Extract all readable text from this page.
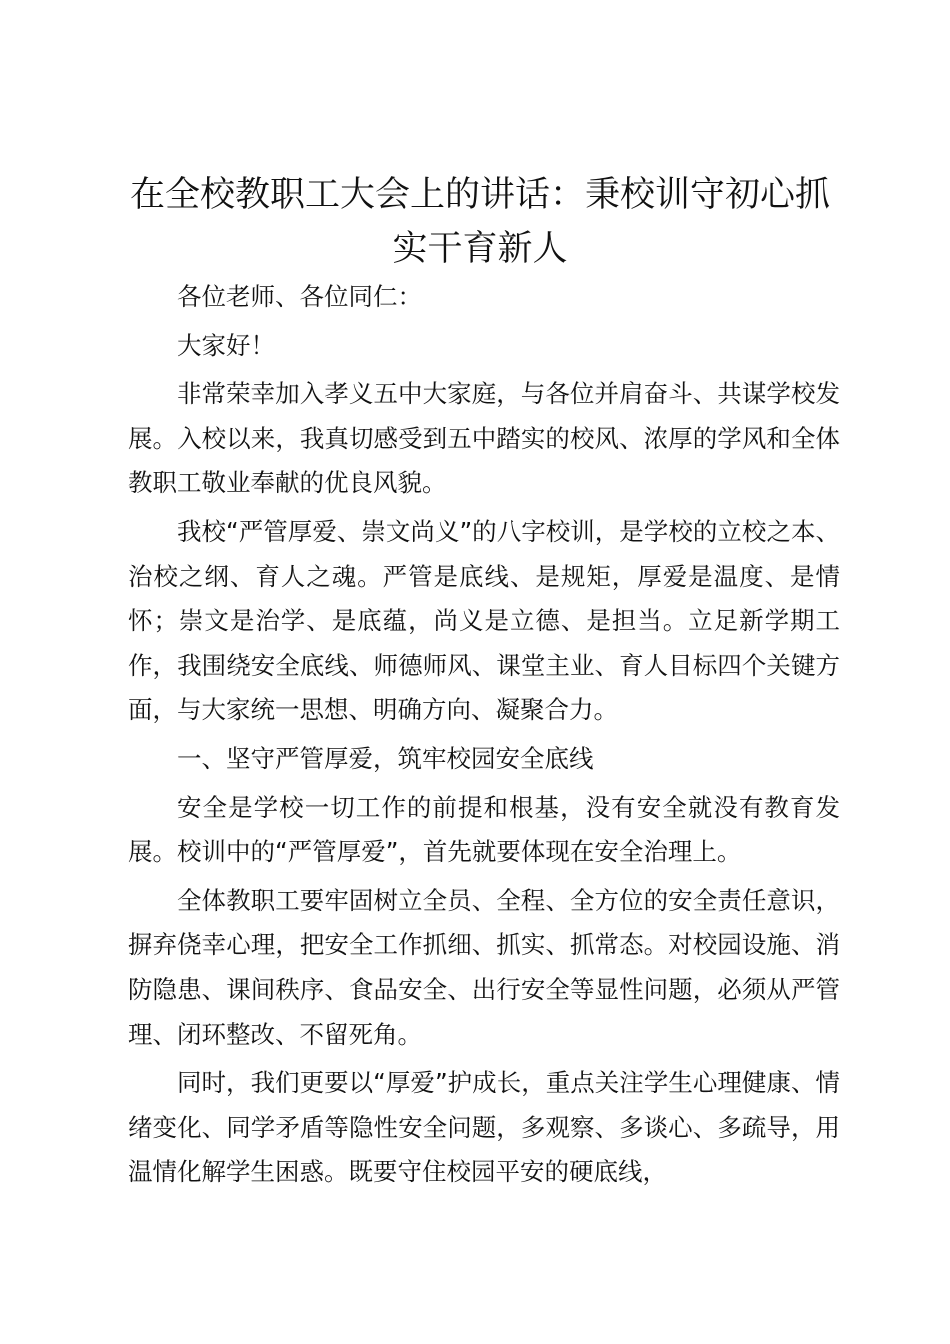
在全校教职工大会上的讲话：秉校训守初心抓实干育新人

各位老师、各位同仁：

大家好！

非常荣幸加入孝义五中大家庭，与各位并肩奋斗、共谋学校发展。入校以来，我真切感受到五中踏实的校风、浓厚的学风和全体教职工敬业奉献的优良风貌。

我校“严管厚爱、崇文尚义”的八字校训，是学校的立校之本、治校之纲、育人之魂。严管是底线、是规矩，厚爱是温度、是情怀；崇文是治学、是底蕴，尚义是立德、是担当。立足新学期工作，我围绕安全底线、师德师风、课堂主业、育人目标四个关键方面，与大家统一思想、明确方向、凝聚合力。

一、坚守严管厚爱，筑牢校园安全底线

安全是学校一切工作的前提和根基，没有安全就没有教育发展。校训中的“严管厚爱”，首先就要体现在安全治理上。

全体教职工要牢固树立全员、全程、全方位的安全责任意识，摒弃侥幸心理，把安全工作抓细、抓实、抓常态。对校园设施、消防隐患、课间秩序、食品安全、出行安全等显性问题，必须从严管理、闭环整改、不留死角。

同时，我们更要以“厚爱”护成长，重点关注学生心理健康、情绪变化、同学矛盾等隐性安全问题，多观察、多谈心、多疏导，用温情化解学生困惑。既要守住校园平安的硬底线，
